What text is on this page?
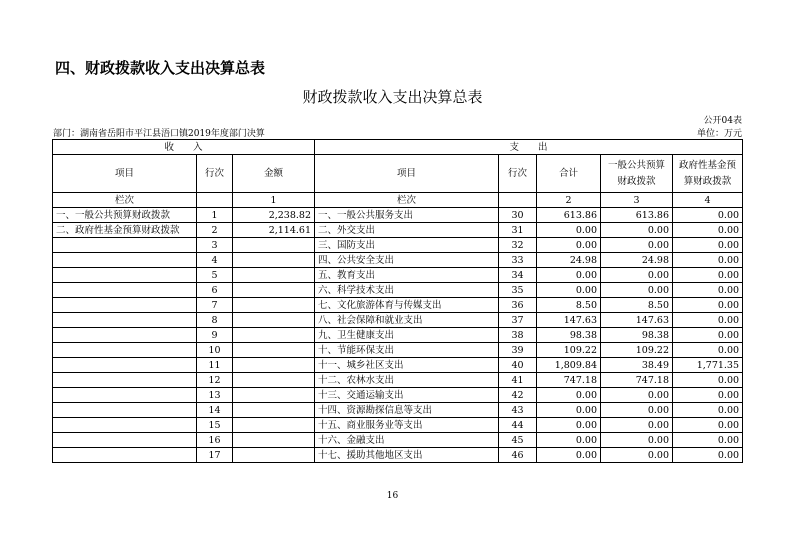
四、财政拨款收入支出决算总表
财政拨款收入支出决算总表
公开04表
部门：湖南省岳阳市平江县浯口镇2019年度部门决算	单位：万元
收　　入			支　　出				
项目	行次	金额	项目	行次	合计	一般公共预算财政拨款	政府性基金预算财政拨款
栏次		1	栏次		2	3	4
一、一般公共预算财政拨款	1	2,238.82	一、一般公共服务支出	30	613.86	613.86	0.00
二、政府性基金预算财政拨款	2	2,114.61	二、外交支出	31	0.00	0.00	0.00
	3		三、国防支出	32	0.00	0.00	0.00
	4		四、公共安全支出	33	24.98	24.98	0.00
	5		五、教育支出	34	0.00	0.00	0.00
	6		六、科学技术支出	35	0.00	0.00	0.00
	7		七、文化旅游体育与传媒支出	36	8.50	8.50	0.00
	8		八、社会保障和就业支出	37	147.63	147.63	0.00
	9		九、卫生健康支出	38	98.38	98.38	0.00
	10		十、节能环保支出	39	109.22	109.22	0.00
	11		十一、城乡社区支出	40	1,809.84	38.49	1,771.35
	12		十二、农林水支出	41	747.18	747.18	0.00
	13		十三、交通运输支出	42	0.00	0.00	0.00
	14		十四、资源勘探信息等支出	43	0.00	0.00	0.00
	15		十五、商业服务业等支出	44	0.00	0.00	0.00
	16		十六、金融支出	45	0.00	0.00	0.00
	17		十七、援助其他地区支出	46	0.00	0.00	0.00
16
